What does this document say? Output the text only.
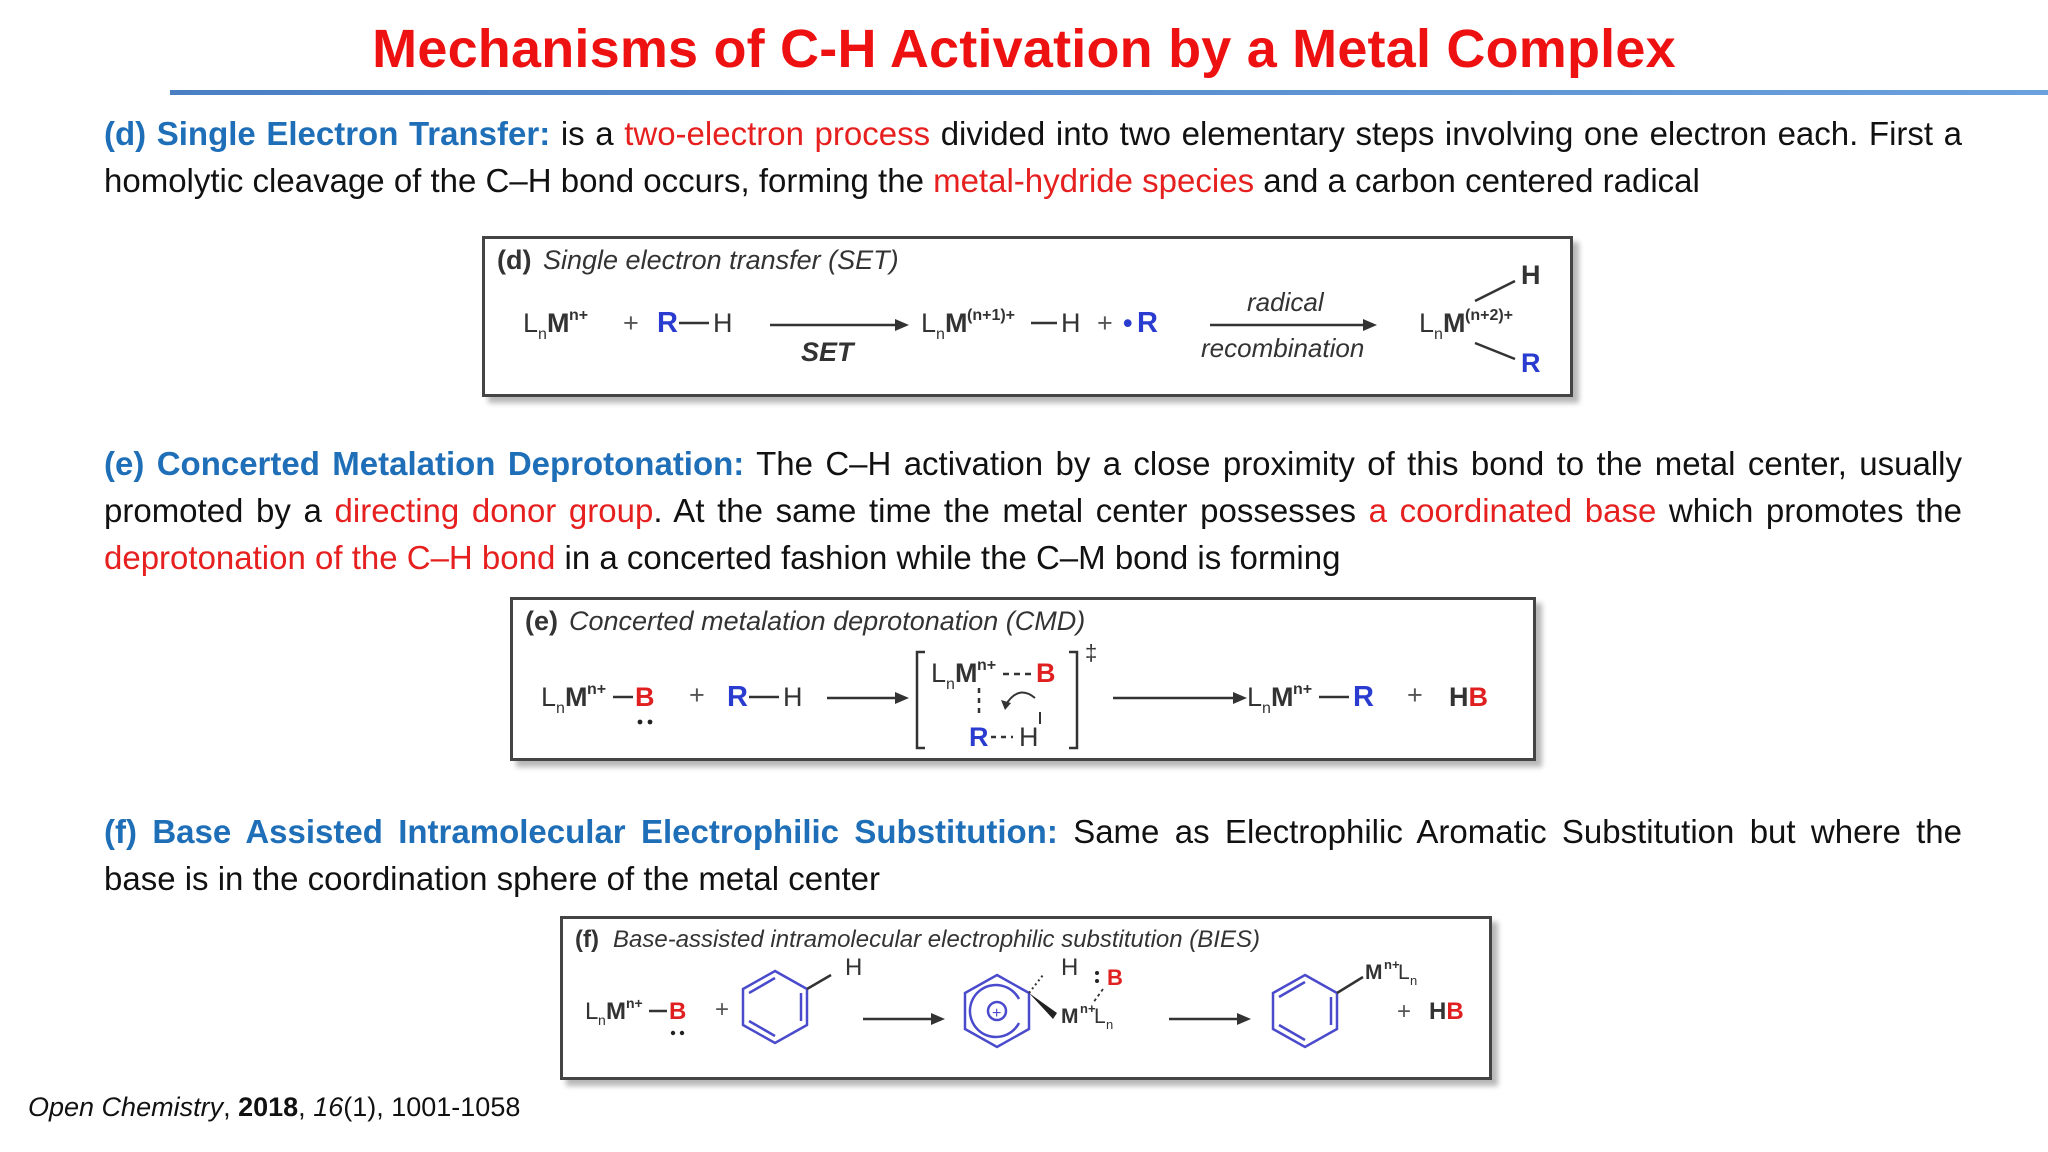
Mechanisms of C-H Activation by a Metal Complex
(d) Single Electron Transfer: is a two-electron process divided into two elementary steps involving one electron each. First a homolytic cleavage of the C–H bond occurs, forming the metal-hydride species and a carbon centered radical
(d) Single electron transfer (SET)
L n M n+ + R H
SET
L n M (n+1)+ H + • R
radical
recombination
L n M (n+2)+
H
R
(e) Concerted Metalation Deprotonation: The C–H activation by a close proximity of this bond to the metal center, usually promoted by a directing donor group. At the same time the metal center possesses a coordinated base which promotes the deprotonation of the C–H bond in a concerted fashion while the C–M bond is forming
(e) Concerted metalation deprotonation (CMD)
L n M n+ B + R H
‡
L n M n+ B
R H
L n M n+ R + HB
(f) Base Assisted Intramolecular Electrophilic Substitution: Same as Electrophilic Aromatic Substitution but where the base is in the coordination sphere of the metal center
(f) Base-assisted intramolecular electrophilic substitution (BIES)
L n M n+ B +
H
+
H
M n+
L n
B	M n+
L n
+ HB
Open Chemistry, 2018, 16(1), 1001-1058
